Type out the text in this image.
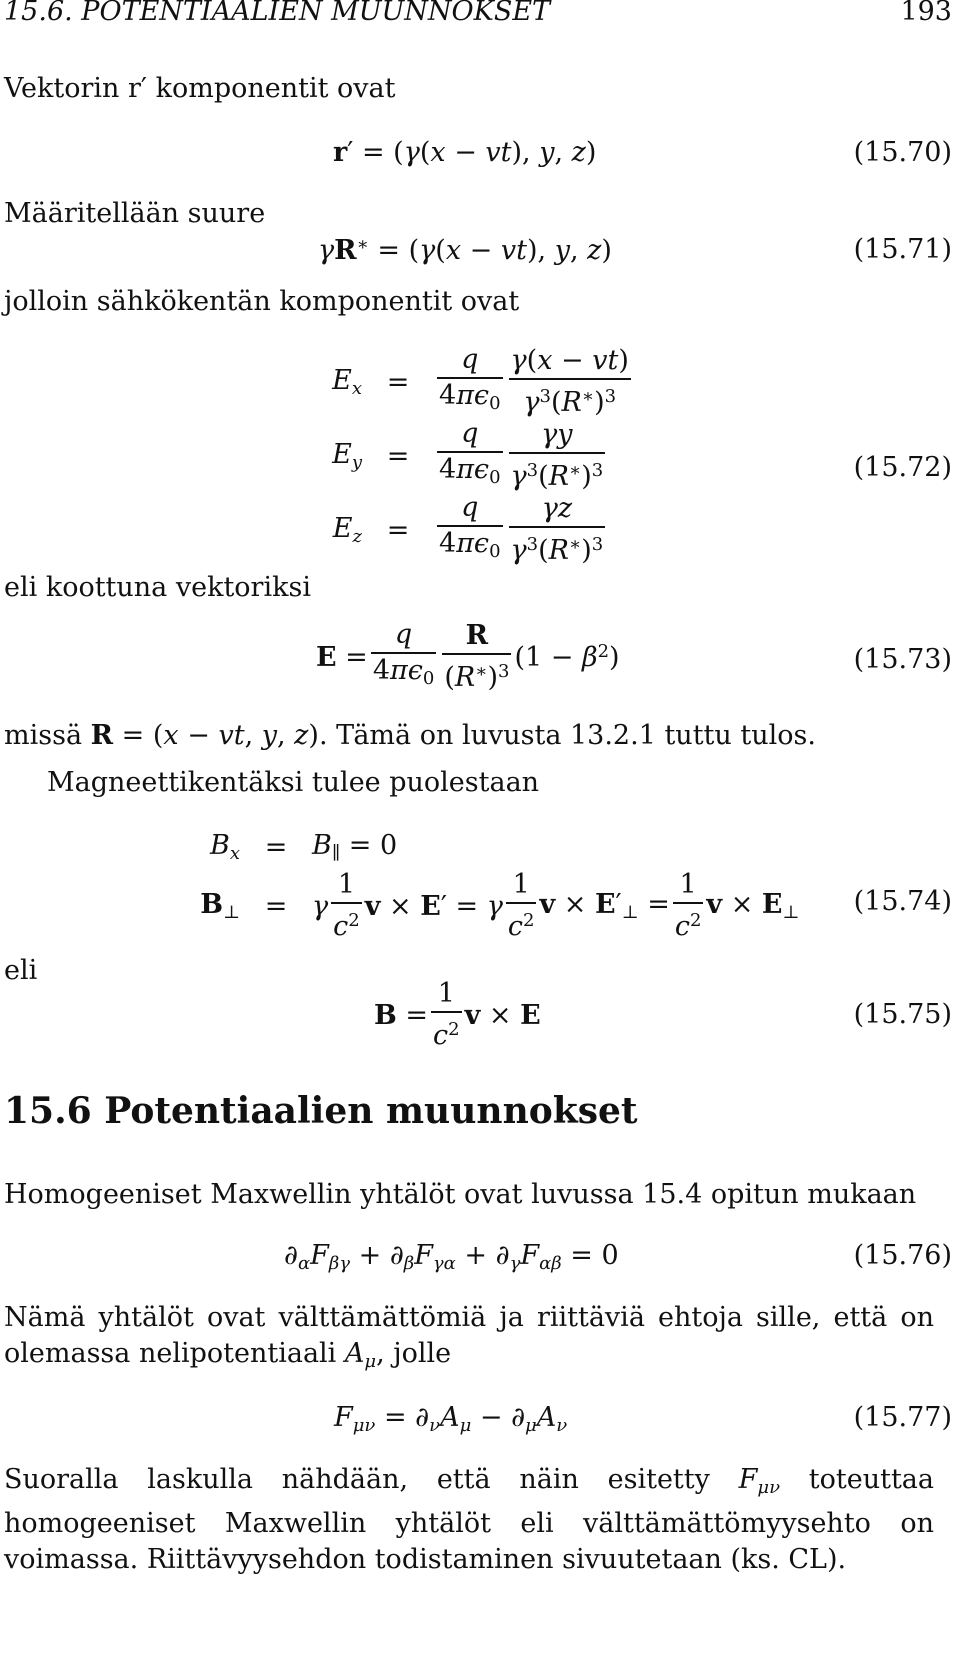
15.6. POTENTIAALIEN MUUNNOKSET	193
Vektorin r′ komponentit ovat
r′ = (γ(x − vt), y, z)	(15.70)
Määritellään suure
γR∗ = (γ(x − vt), y, z)	(15.71)
jolloin sähkökentän komponentit ovat
$E_x$ =	$\frac{q}{4\pi\epsilon_0} \frac{\gamma(x - vt)}{\gamma^3(R^∗)^3}$
$E_y$ =	$\frac{q}{4\pi\epsilon_0} \frac{\gamma y}{\gamma^3(R^∗)^3}$
$E_z$ =	$\frac{q}{4\pi\epsilon_0} \frac{\gamma z}{\gamma^3(R^∗)^3}$
(15.72)
eli koottuna vektoriksi
$E = \frac{q}{4\pi\epsilon_0} \frac{R}{(R^∗)^3} (1 - \beta^2)$	(15.73)
missä R = (x − vt, y, z). Tämä on luvusta 13.2.1 tuttu tulos.
Magneettikentäksi tulee puolestaan
$B_x = B_\parallel = 0$
$B_\perp = \gamma \frac{1}{c^2}$ v × E′ = γ $\frac{1}{c^2}$ $v \times E'_\perp = \frac{1}{c^2}$ $v \times E_\perp$ (15.74)
eli
$B = \frac{1}{c^2}$ v × E	(15.75)
15.6 Potentiaalien muunnokset
Homogeeniset Maxwellin yhtälöt ovat luvussa 15.4 opitun mukaan
$\partial_\alpha F_{\beta\gamma} + \partial_\beta F_{\gamma\alpha} + \partial_\gamma F_{\alpha\beta} = 0$	(15.76)
Nämä yhtälöt ovat välttämättömiä ja riittäviä ehtoja sille, että on olemassa nelipotentiaali $A_\mu$, jolle
$F_{\mu\nu} = \partial_\nu A_\mu - \partial_\mu A_\nu$	(15.77)
Suoralla laskulla nähdään, että näin esitetty $F_{\mu\nu}$ toteuttaa homogeeniset Maxwellin yhtälöt eli välttämättömyysehto on voimassa. Riittävyysehdon todistaminen sivuutetaan (ks. CL).
